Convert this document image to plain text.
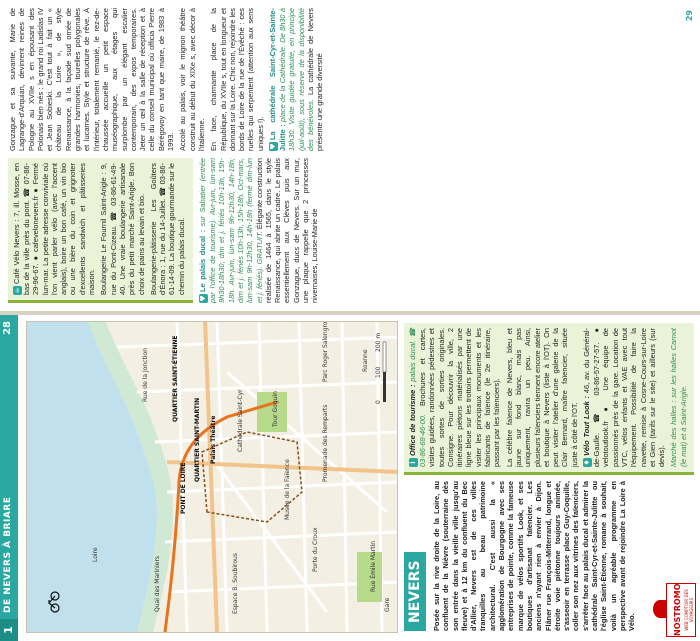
1
DE NEVERS À BRIARE
28
Loire
PONT DE LOIRE
Palais Théâtre	Cathédrale Saint-Cyr
Musée de la Faïence
Porte du Croux
Promenade des Remparts
Tour Goguin
Espace B. Soubirous
Rue de la Jonction
Quai des Mariniers	Rue Émile Martin
Gare
Parc Roger Salengro	Roanne
QUARTIER SAINT-MARTIN
QUARTIER SAINT-ÉTIENNE	0
100
200 m
NEVERS Posée sur la rive droite de la Loire, au confluent de la Nièvre (souterraine dès son entrée dans la vieille ville jusqu'au fleuve) et à 12 km du confluent du Bec d'Allier, Nevers est de ces villes tranquilles au beau patrimoine architectural. C'est aussi la « agglomération de Bourgogne avec ses entreprises de pointe, comme la fameuse marque de vélos sportifs Look, et ses boutiques d'artisanat faïencier. Les anciens n'ayant rien à envier à Dijon. Flâner rue François-Mitterrand, longue et étroite voie piétonne toujours animée, s'asseoir en terrasse place Guy-Coquille, coller son nez aux vitrines des faïenciers, s'arrêter face au palais ducal et admirer la cathédrale Saint-Cyr-et-Sainte-Julitte ou l'église Saint-Étienne, romane à souhait, voilà un agréable programme en perspective avant de rejoindre La Loire à Vélo.

iOffice de tourisme : palais ducal. ☎ 03-86-68-46-00. Brochures et cartes, visites guidées, randonnées pédestres et toutes sortes de sorties originales. Consigne. Pour découvrir la ville, 2 itinéraires piétons matérialisés par une ligne bleue sur les trottoirs permettent de visiter les principaux monuments et les fabricants de faïence (le 2e itinéraire, passant par les faïenciers). La célèbre faïence de Nevers, bleu et jaune sur fond blanc, mais pas uniquement, ravira un peu. Ainsi, plusieurs faïenciers tiennent encore atelier et boutique à Nevers (liste à l'OT). On peut visiter l'atelier d'une galerie de la Clair Bernard, maître faïencier, située juste à côté de l'OT. ♦Vélo Tout Look : 46, av. du Général-de-Gaulle. ☎ 03-86-57-27-57. ● velotoutlook.fr ● Une équipe de passionnés près de la gare. Location de VTC, vélos enfants et VAE avec tout l'équipement. Possibilité de faire la navette, remise à Cosne-Cours-sur-Loire et Gien (tarifs sur le site) et ailleurs (sur devis). Marché des halles : sur les halles Carnot (le mat) et à Saint-Arigle.

NOSTROMO WEB COMPTOIR DES VOYAGEURS

☕Café Vélo Nevers : 7, ill. Mosse, en bas de la ville près du pont. ☎ 07-86-29-96-67. ● cafevelonevers.fr ● Fermé lun-mar. La petite adresse conviviale où l'on vient parler vélo (avec l'accent anglais), boire un bon café, un vin bio ou une bière du coin et grignoter d'excellents sandwich et pâtisseries maison. Boulangerie Le Fournil Saint-Arigle : 9, rue du Pont-Cizeau. ☎ 03-86-61-49-40. Une vraie boulangerie artisanale près du petit marché Saint-Arigle. Bon choix de pains au levain et bio. Boulangerie-pâtisserie Les Goûters d'Énora : 1, rue du 14-Juillet. ☎ 03-86-61-14-09. La boutique gourmande sur le chemin du palais ducal.

♥Le palais ducal : sur Sabatier (entrée par l'office de tourisme). Avr-juin, lun-sam 9h30-18h30; dim et j. fériés 10h-13h, 15h-18h. Avr-juin, lun-sam 9h-12h30, 14h-18h; dim et j. fériés 10h-13h, 15h-18h. Oct-mars, lun-sam 9h-12h30, 14h-18h (fermé dim-lun et j. fériés). GRATUIT. Élégante construction réalisée de 1464 à 1565, dans le style Renaissance, qui abrite un cadre. Le palais essentiellement aux Clèves puis aux Gonzague, ducs de Nevers. Sur un mur, une plaque rappelle que 2 princesses nivernaises, Louise-Marie de

Gonzague et sa suivante, Marie de Lagrange-d'Arquian, devinrent reines de Pologne au XVIIe s en épousant des Polonais bien nés : le grand roi Ladislas IV et Jean Sobieski. C'est tout à fait un « château de la Loire », de style Renaissance, à la façade sud ornée de grandes harmonies, tourelles polygonales et lucarnes. Style et structure de rêve. À l'intérieur, totalement remanié, le rez-de-chaussée accueille un petit espace muséographique, aux étages qui surplombe par un élégant escalier contemporain, des expos temporaires. Jeter un œil à la salle de réception et à celle du conseil municipal où officia Pierre Bérégovoy en tant que maire, de 1983 à 1993. Accolé au palais, voir le mignon théâtre construit au début du XIXe s, avec décor à l'italienne. En face, charmante place de la République, du XVIIe s, tout en longueur et donnant sur la Loire. Chic non, rejoindre les bords de Loire de la rue de l'Évêché : ces ruelles qui serpentent (attention aux sens uniques !). ♥La cathédrale Saint-Cyr-et-Sainte-Julitte : place de la Cathédrale. De 8h30 à 18h30. Visite guidée gratuite, en principe (juil-août), sous réserve de la disponibilité des bénévoles. La cathédrale de Nevers présente une grande diversité

29
